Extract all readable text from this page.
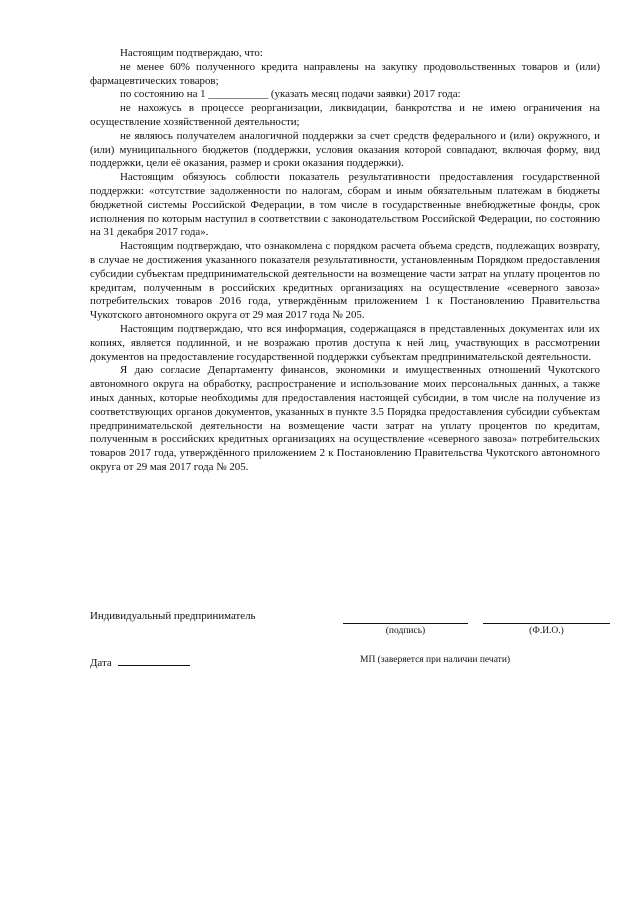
Настоящим подтверждаю, что:

не менее 60% полученного кредита направлены на закупку продовольственных товаров и (или) фармацевтических товаров;

по состоянию на 1 ___________ (указать месяц подачи заявки) 2017 года:

не нахожусь в процессе реорганизации, ликвидации, банкротства и не имею ограничения на осуществление хозяйственной деятельности;

не являюсь получателем аналогичной поддержки за счет средств федерального и (или) окружного, и (или) муниципального бюджетов (поддержки, условия оказания которой совпадают, включая форму, вид поддержки, цели её оказания, размер и сроки оказания поддержки).

Настоящим обязуюсь соблюсти показатель результативности предоставления государственной поддержки: «отсутствие задолженности по налогам, сборам и иным обязательным платежам в бюджеты бюджетной системы Российской Федерации, в том числе в государственные внебюджетные фонды, срок исполнения по которым наступил в соответствии с законодательством Российской Федерации, по состоянию на 31 декабря 2017 года».

Настоящим подтверждаю, что ознакомлена с порядком расчета объема средств, подлежащих возврату, в случае не достижения указанного показателя результативности, установленным Порядком предоставления субсидии субъектам предпринимательской деятельности на возмещение части затрат на уплату процентов по кредитам, полученным в российских кредитных организациях на осуществление «северного завоза» потребительских товаров 2016 года, утверждённым приложением 1 к Постановлению Правительства Чукотского автономного округа от 29 мая 2017 года № 205.

Настоящим подтверждаю, что вся информация, содержащаяся в представленных документах или их копиях, является подлинной, и не возражаю против доступа к ней лиц, участвующих в рассмотрении документов на предоставление государственной поддержки субъектам предпринимательской деятельности.

Я даю согласие Департаменту финансов, экономики и имущественных отношений Чукотского автономного округа на обработку, распространение и использование моих персональных данных, а также иных данных, которые необходимы для предоставления настоящей субсидии, в том числе на получение из соответствующих органов документов, указанных в пункте 3.5 Порядка предоставления субсидии субъектам предпринимательской деятельности на возмещение части затрат на уплату процентов по кредитам, полученным в российских кредитных организациях на осуществление «северного завоза» потребительских товаров 2017 года, утверждённого приложением 2 к Постановлению Правительства Чукотского автономного округа от 29 мая 2017 года № 205.

Индивидуальный предприниматель
(подпись)	(Ф.И.О.)
Дата	МП (заверяется при наличии печати)
